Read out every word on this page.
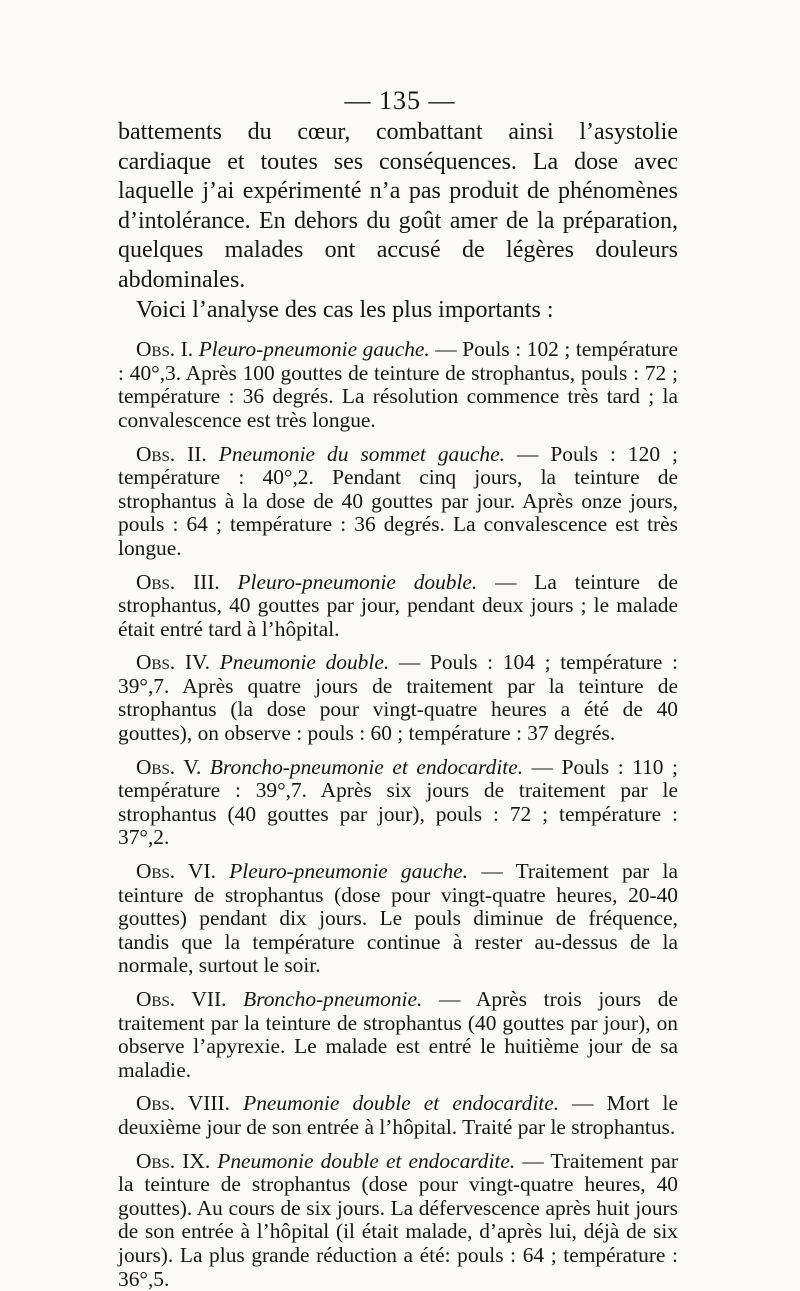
— 135 —

battements du cœur, combattant ainsi l’asystolie cardiaque et toutes ses conséquences. La dose avec laquelle j’ai expérimenté n’a pas produit de phénomènes d’intolérance. En dehors du goût amer de la préparation, quelques malades ont accusé de légères douleurs abdominales.

Voici l’analyse des cas les plus importants :

Obs. I. Pleuro-pneumonie gauche. — Pouls : 102 ; température : 40°,3. Après 100 gouttes de teinture de strophantus, pouls : 72 ; température : 36 degrés. La résolution commence très tard ; la convalescence est très longue.

Obs. II. Pneumonie du sommet gauche. — Pouls : 120 ; température : 40°,2. Pendant cinq jours, la teinture de strophantus à la dose de 40 gouttes par jour. Après onze jours, pouls : 64 ; température : 36 degrés. La convalescence est très longue.

Obs. III. Pleuro-pneumonie double. — La teinture de strophantus, 40 gouttes par jour, pendant deux jours ; le malade était entré tard à l’hôpital.

Obs. IV. Pneumonie double. — Pouls : 104 ; température : 39°,7. Après quatre jours de traitement par la teinture de strophantus (la dose pour vingt-quatre heures a été de 40 gouttes), on observe : pouls : 60 ; température : 37 degrés.

Obs. V. Broncho-pneumonie et endocardite. — Pouls : 110 ; température : 39°,7. Après six jours de traitement par le strophantus (40 gouttes par jour), pouls : 72 ; température : 37°,2.

Obs. VI. Pleuro-pneumonie gauche. — Traitement par la teinture de strophantus (dose pour vingt-quatre heures, 20-40 gouttes) pendant dix jours. Le pouls diminue de fréquence, tandis que la température continue à rester au-dessus de la normale, surtout le soir.

Obs. VII. Broncho-pneumonie. — Après trois jours de traitement par la teinture de strophantus (40 gouttes par jour), on observe l’apyrexie. Le malade est entré le huitième jour de sa maladie.

Obs. VIII. Pneumonie double et endocardite. — Mort le deuxième jour de son entrée à l’hôpital. Traité par le strophantus.

Obs. IX. Pneumonie double et endocardite. — Traitement par la teinture de strophantus (dose pour vingt-quatre heures, 40 gouttes). Au cours de six jours. La défervescence après huit jours de son entrée à l’hôpital (il était malade, d’après lui, déjà de six jours). La plus grande réduction a été: pouls : 64 ; température : 36°,5.
